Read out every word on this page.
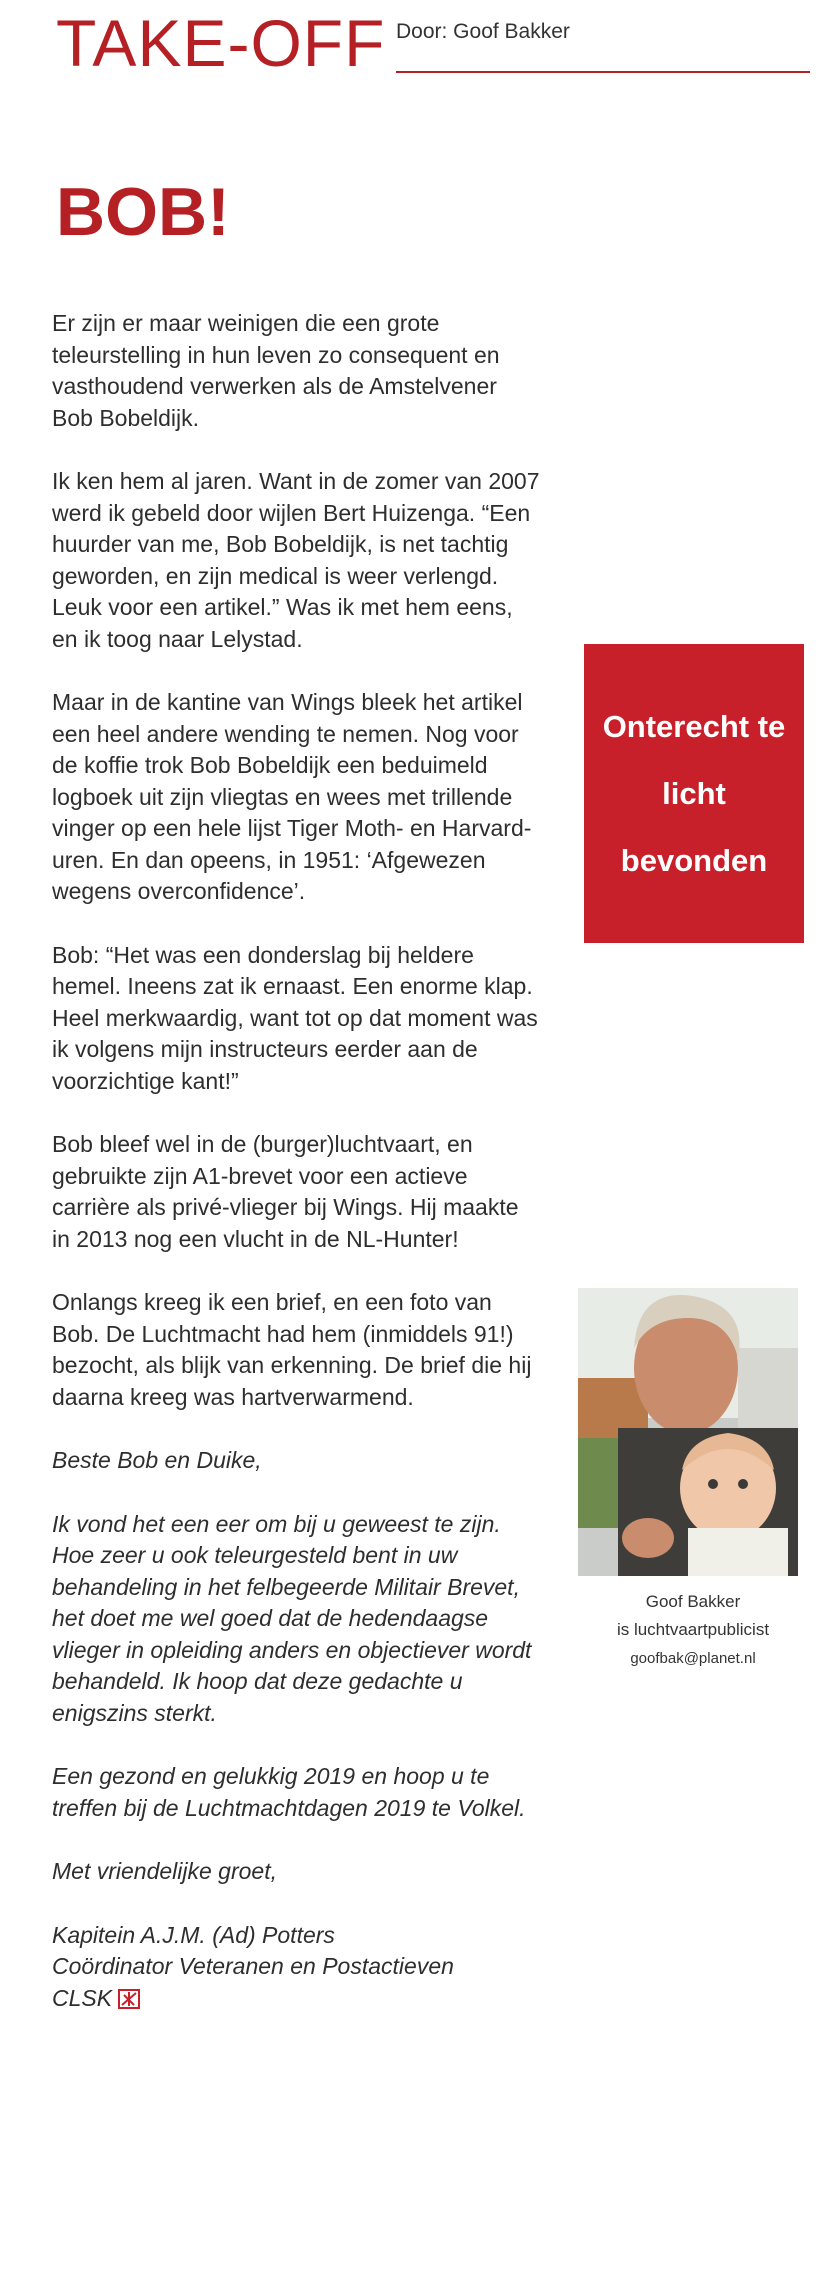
TAKE-OFF Door: Goof Bakker
BOB!

Er zijn er maar weinigen die een grote teleurstelling in hun leven zo consequent en vasthoudend verwerken als de Amstelvener Bob Bobeldijk.

Ik ken hem al jaren. Want in de zomer van 2007 werd ik gebeld door wijlen Bert Huizenga. “Een huurder van me, Bob Bobeldijk, is net tachtig geworden, en zijn medical is weer verlengd. Leuk voor een artikel.” Was ik met hem eens, en ik toog naar Lelystad.

Maar in de kantine van Wings bleek het artikel een heel andere wending te nemen. Nog voor de koffie trok Bob Bobeldijk een beduimeld logboek uit zijn vliegtas en wees met trillende vinger op een hele lijst Tiger Moth- en Harvard-uren. En dan opeens, in 1951: ‘Afgewezen wegens overconfidence’.

Bob: “Het was een donderslag bij heldere hemel. Ineens zat ik ernaast. Een enorme klap. Heel merkwaardig, want tot op dat moment was ik volgens mijn instructeurs eerder aan de voorzichtige kant!”

Bob bleef wel in de (burger)luchtvaart, en gebruikte zijn A1-brevet voor een actieve carrière als privé-vlieger bij Wings. Hij maakte in 2013 nog een vlucht in de NL-Hunter!

Onlangs kreeg ik een brief, en een foto van Bob. De Luchtmacht had hem (inmiddels 91!) bezocht, als blijk van erkenning. De brief die hij daarna kreeg was hartverwarmend.

Beste Bob en Duike,

Ik vond het een eer om bij u geweest te zijn. Hoe zeer u ook teleurgesteld bent in uw behandeling in het felbegeerde Militair Brevet, het doet me wel goed dat de hedendaagse vlieger in opleiding anders en objectiever wordt behandeld. Ik hoop dat deze gedachte u enigszins sterkt.

Een gezond en gelukkig 2019 en hoop u te treffen bij de Luchtmachtdagen 2019 te Volkel.

Met vriendelijke groet,

Kapitein A.J.M. (Ad) Potters

Coördinator Veteranen en Postactieven

CLSK

Onterecht te licht bevonden
Goof Bakker
is luchtvaartpublicist
goofbak@planet.nl
